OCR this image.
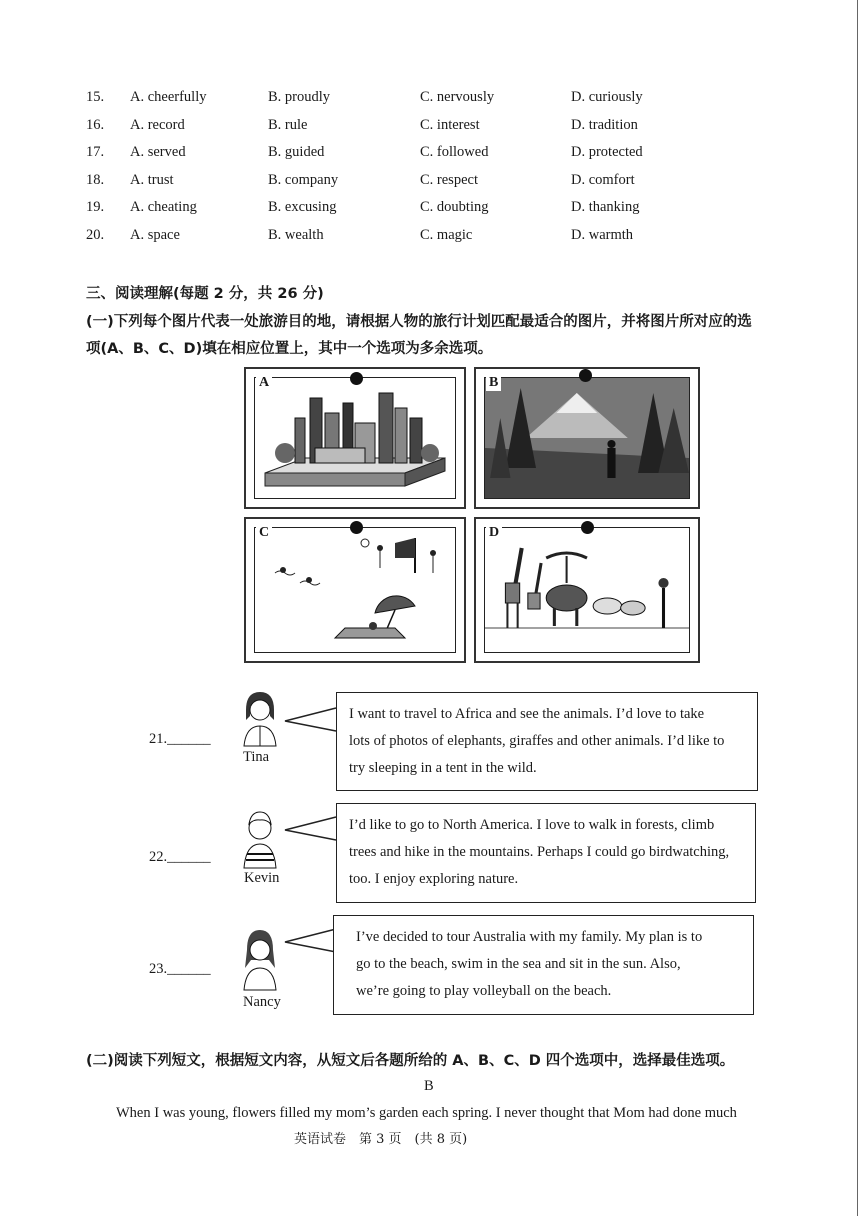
15. A. cheerfully	B. proudly	C. nervously	D. curiously
16. A. record	B. rule	C. interest	D. tradition
17. A. served	B. guided	C. followed	D. protected
18. A. trust	B. company	C. respect	D. comfort
19. A. cheating	B. excusing	C. doubting	D. thanking
20. A. space	B. wealth	C. magic	D. warmth
三、阅读理解(每题 2 分，共 26 分)
(一)下列每个图片代表一处旅游目的地，请根据人物的旅行计划匹配最适合的图片，并将图片所对应的选
项(A、B、C、D)填在相应位置上，其中一个选项为多余选项。
A	B
C	D
21.______
Tina
I want to travel to Africa and see the animals. I’d love to take
lots of photos of elephants, giraffes and other animals. I’d like to
try sleeping in a tent in the wild.
22.______
Kevin
I’d like to go to North America. I love to walk in forests, climb
trees and hike in the mountains. Perhaps I could go birdwatching,
too. I enjoy exploring nature.
23.______
Nancy
I’ve decided to tour Australia with my family. My plan is to
go to the beach, swim in the sea and sit in the sun. Also,
we’re going to play volleyball on the beach.
(二)阅读下列短文，根据短文内容，从短文后各题所给的 A、B、C、D 四个选项中，选择最佳选项。
B
When I was young, flowers filled my mom’s garden each spring. I never thought that Mom had done much
英语试卷　第 3 页　(共 8 页)
